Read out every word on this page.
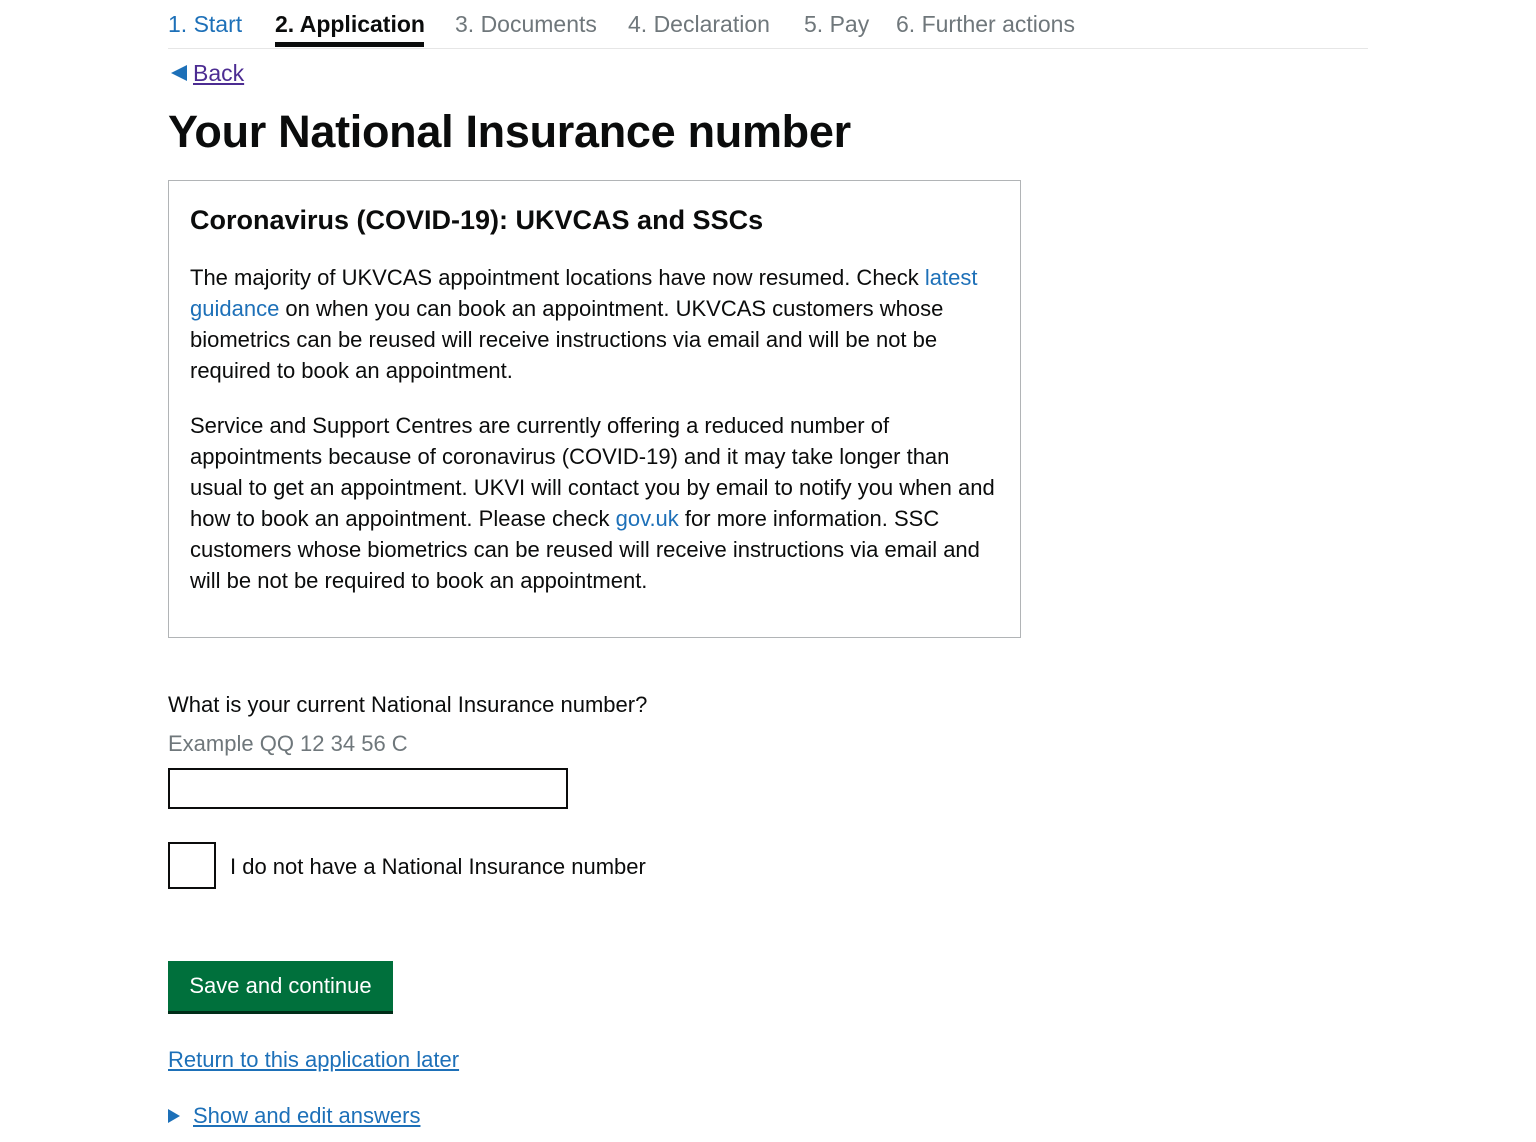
1. Start 2. Application 3. Documents 4. Declaration 5. Pay 6. Further actions
Back
Your National Insurance number
Coronavirus (COVID-19): UKVCAS and SSCs

The majority of UKVCAS appointment locations have now resumed. Check latest guidance on when you can book an appointment. UKVCAS customers whose biometrics can be reused will receive instructions via email and will be not be required to book an appointment.

Service and Support Centres are currently offering a reduced number of appointments because of coronavirus (COVID-19) and it may take longer than usual to get an appointment. UKVI will contact you by email to notify you when and how to book an appointment. Please check gov.uk for more information. SSC customers whose biometrics can be reused will receive instructions via email and will be not be required to book an appointment.

What is your current National Insurance number?
Example QQ 12 34 56 C
I do not have a National Insurance number
Save and continue
Return to this application later
Show and edit answers
